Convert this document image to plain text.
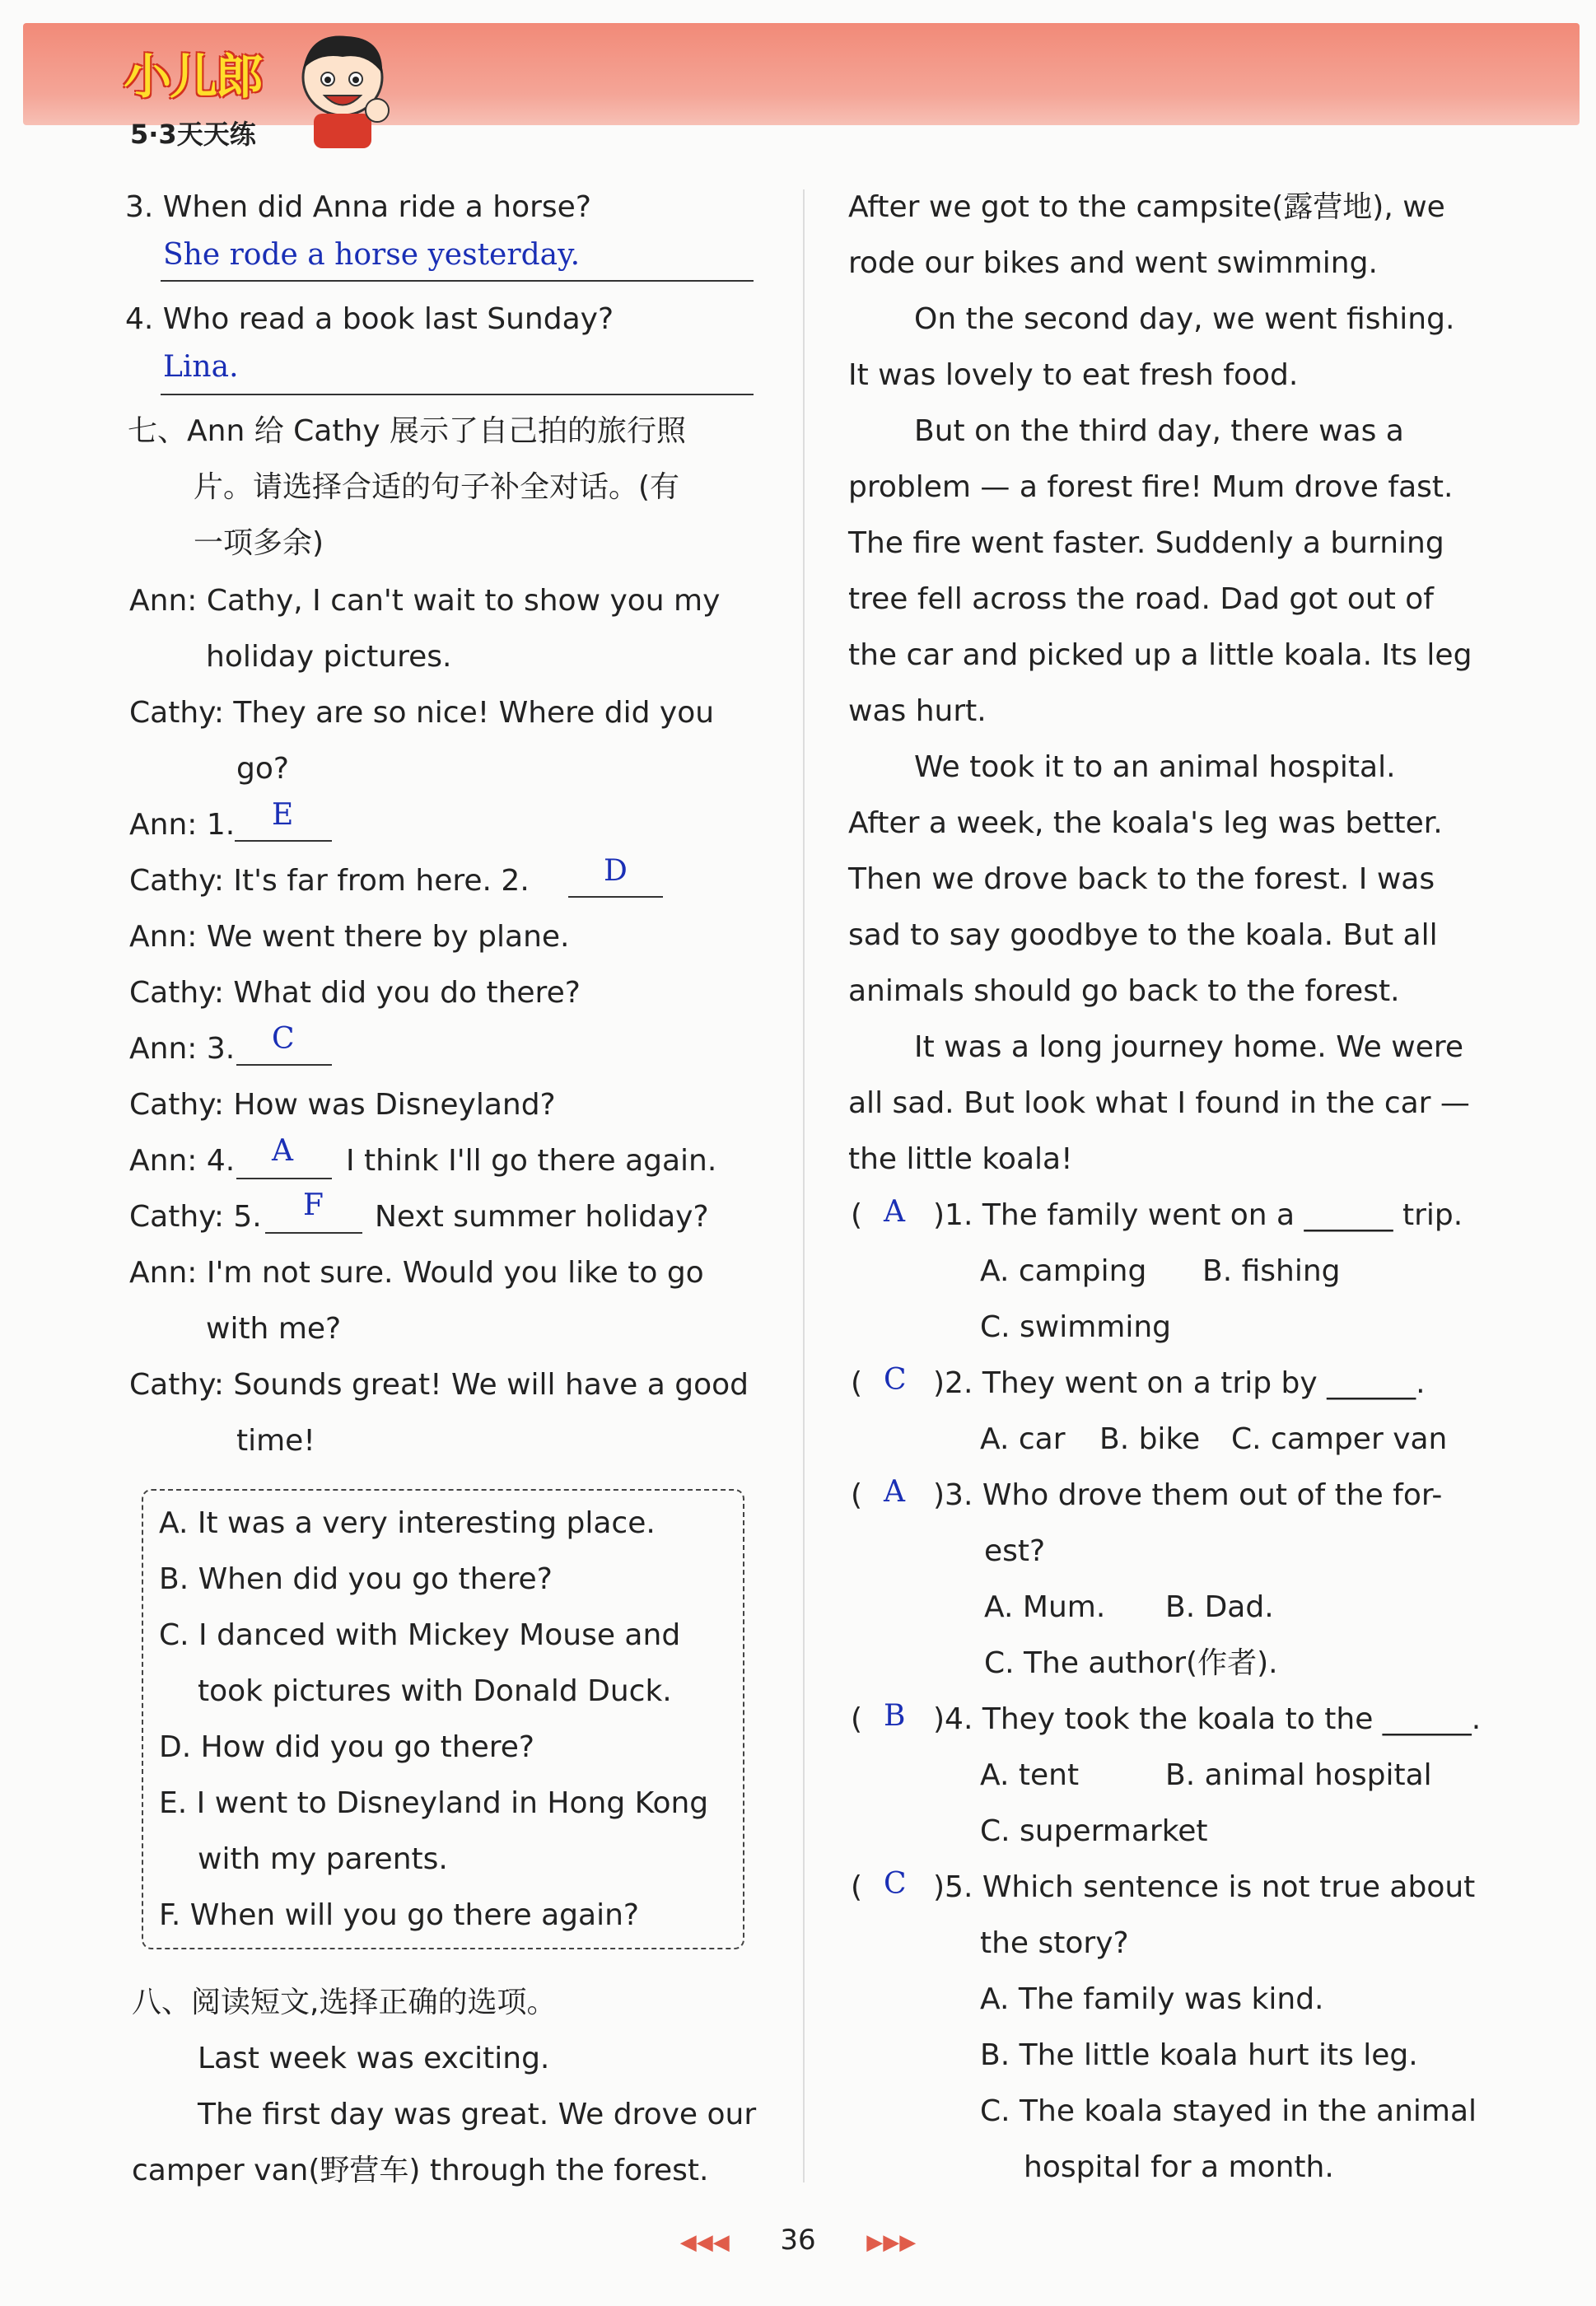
小儿郎
5·3天天练
3. When did Anna ride a horse?
She rode a horse yesterday.
4. Who read a book last Sunday?
Lina.
七、Ann 给 Cathy 展示了自己拍的旅行照
片。请选择合适的句子补全对话。(有
一项多余)
Ann: Cathy, I can't wait to show you my
holiday pictures.
Cathy: They are so nice! Where did you
go?
Ann: 1. E
Cathy: It's far from here. 2.	D
Ann: We went there by plane.
Cathy: What did you do there?
Ann: 3. C
Cathy: How was Disneyland?
Ann: 4. A I think I'll go there again.
Cathy: 5. F Next summer holiday?
Ann: I'm not sure. Would you like to go
with me?
Cathy: Sounds great! We will have a good
time!
A. It was a very interesting place.
B. When did you go there?
C. I danced with Mickey Mouse and
took pictures with Donald Duck.
D. How did you go there?
E. I went to Disneyland in Hong Kong
with my parents.
F. When will you go there again?
八、阅读短文,选择正确的选项。
Last week was exciting.
The first day was great. We drove our
camper van(野营车) through the forest.
After we got to the campsite(露营地), we
rode our bikes and went swimming.
On the second day, we went fishing.
It was lovely to eat fresh food.
But on the third day, there was a
problem — a forest fire! Mum drove fast.
The fire went faster. Suddenly a burning
tree fell across the road. Dad got out of
the car and picked up a little koala. Its leg
was hurt.
We took it to an animal hospital.
After a week, the koala's leg was better.
Then we drove back to the forest. I was
sad to say goodbye to the koala. But all
animals should go back to the forest.
It was a long journey home. We were
all sad. But look what I found in the car —
the little koala!
( A )1. The family went on a ______ trip.
A. camping B. fishing
C. swimming
( C )2. They went on a trip by ______.
A. car B. bike C. camper van
( A )3. Who drove them out of the for-
est?
A. Mum. B. Dad.
C. The author(作者).
( B )4. They took the koala to the ______.
A. tent	B. animal hospital
C. supermarket
( C )5. Which sentence is not true about
the story?
A. The family was kind.
B. The little koala hurt its leg.
C. The koala stayed in the animal
hospital for a month.
◀◀◀ 36 ▶▶▶
